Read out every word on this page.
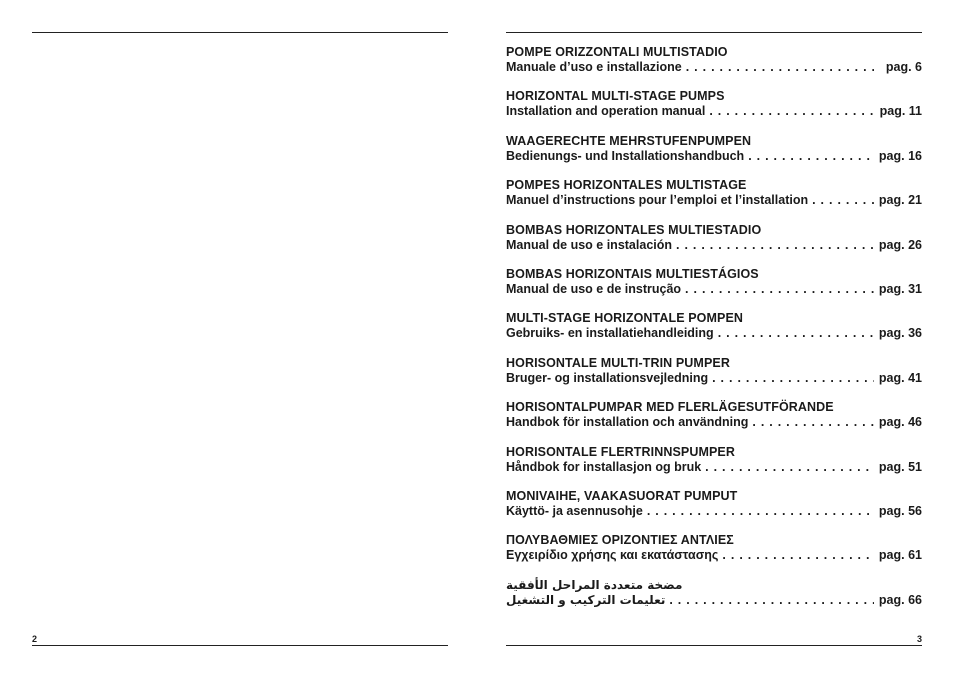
POMPE ORIZZONTALI MULTISTADIO
Manuale d’uso e installazione . . .	pag. 6
HORIZONTAL MULTI-STAGE PUMPS
Installation and operation manual . . .	pag. 11
WAAGERECHTE MEHRSTUFENPUMPEN
Bedienungs- und Installationshandbuch . . .	pag. 16
POMPES HORIZONTALES MULTISTAGE
Manuel d’instructions pour l’emploi et l’installation . . .	pag. 21
BOMBAS HORIZONTALES MULTIESTADIO
Manual de uso e instalación . . .	pag. 26
BOMBAS HORIZONTAIS MULTIESTÁGIOS
Manual de uso e de instrução . . .	pag. 31
MULTI-STAGE HORIZONTALE POMPEN
Gebruiks- en installatiehandleiding . . .	pag. 36
HORISONTALE MULTI-TRIN PUMPER
Bruger- og installationsvejledning . . .	pag. 41
HORISONTALPUMPAR MED FLERLÄGESUTFÖRANDE
Handbok för installation och användning . . .	pag. 46
HORISONTALE FLERTRINNSPUMPER
Håndbok for installasjon og bruk . . .	pag. 51
MONIVAIHE, VAAKASUORAT PUMPUT
Käyttö- ja asennusohje . . .	pag. 56
ΠΟΛΥΒΑΘΜΙΕΣ ΟΡΙΖΟΝΤΙΕΣ ΑΝΤΛΙΕΣ
Εγχειρίδιο χρήσης και εκατάστασης . . .	pag. 61
مضخة متعددة المراحل الأفقية
تعليمات التركيب و التشغيل . . .	pag. 66
2	3
